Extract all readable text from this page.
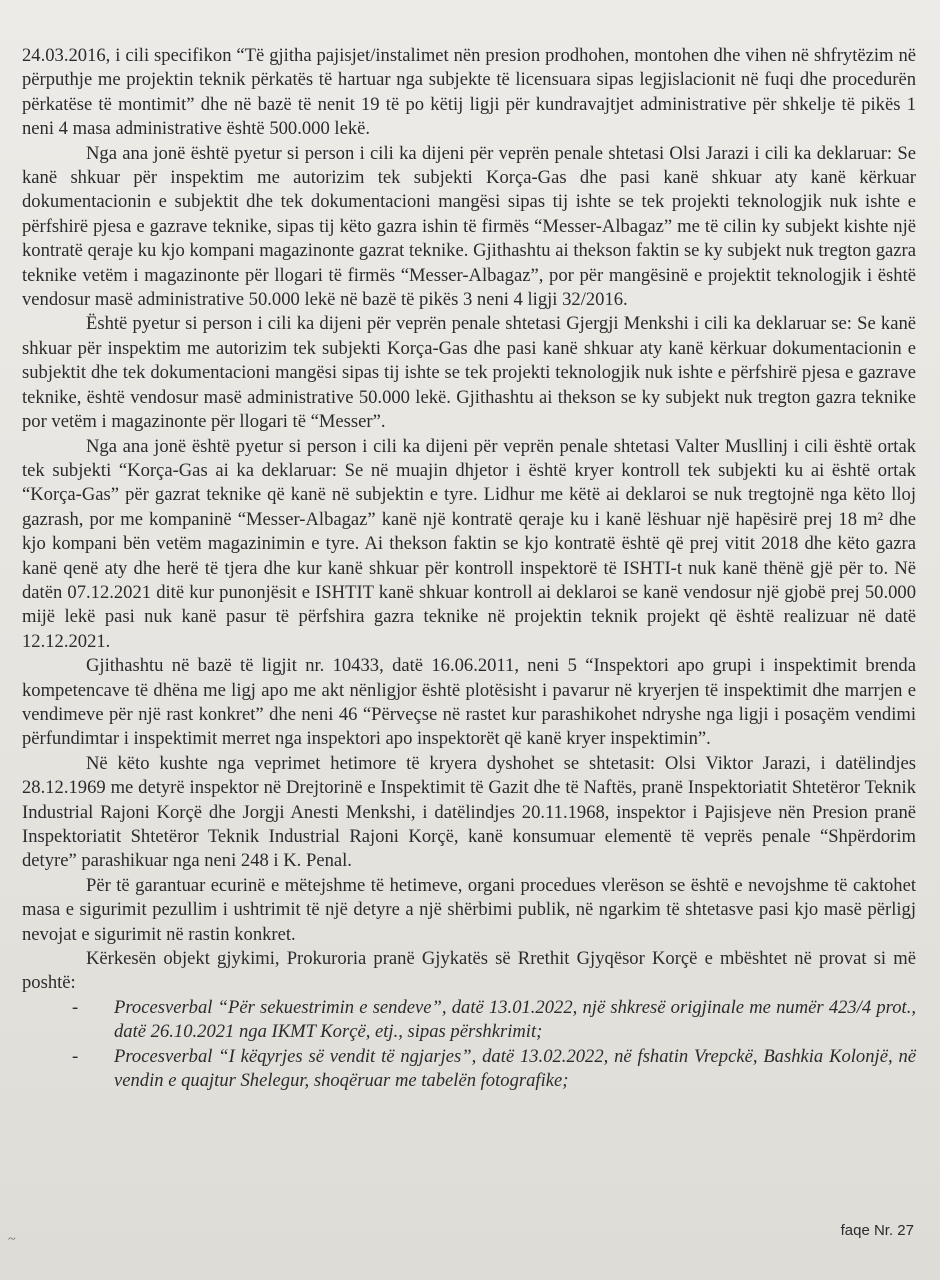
24.03.2016, i cili specifikon “Të gjitha pajisjet/instalimet nën presion prodhohen, montohen dhe vihen në shfrytëzim në përputhje me projektin teknik përkatës të hartuar nga subjekte të licensuara sipas legjislacionit në fuqi dhe procedurën përkatëse të montimit” dhe në bazë të nenit 19 të po këtij ligji për kundravajtjet administrative për shkelje të pikës 1 neni 4 masa administrative është 500.000 lekë.

Nga ana jonë është pyetur si person i cili ka dijeni për veprën penale shtetasi Olsi Jarazi i cili ka deklaruar: Se kanë shkuar për inspektim me autorizim tek subjekti Korça-Gas dhe pasi kanë shkuar aty kanë kërkuar dokumentacionin e subjektit dhe tek dokumentacioni mangësi sipas tij ishte se tek projekti teknologjik nuk ishte e përfshirë pjesa e gazrave teknike, sipas tij këto gazra ishin të firmës “Messer-Albagaz” me të cilin ky subjekt kishte një kontratë qeraje ku kjo kompani magazinonte gazrat teknike. Gjithashtu ai thekson faktin se ky subjekt nuk tregton gazra teknike vetëm i magazinonte për llogari të firmës “Messer-Albagaz”, por për mangësinë e projektit teknologjik i është vendosur masë administrative 50.000 lekë në bazë të pikës 3 neni 4 ligji 32/2016.

Është pyetur si person i cili ka dijeni për veprën penale shtetasi Gjergji Menkshi i cili ka deklaruar se: Se kanë shkuar për inspektim me autorizim tek subjekti Korça-Gas dhe pasi kanë shkuar aty kanë kërkuar dokumentacionin e subjektit dhe tek dokumentacioni mangësi sipas tij ishte se tek projekti teknologjik nuk ishte e përfshirë pjesa e gazrave teknike, është vendosur masë administrative 50.000 lekë. Gjithashtu ai thekson se ky subjekt nuk tregton gazra teknike por vetëm i magazinonte për llogari të “Messer”.

Nga ana jonë është pyetur si person i cili ka dijeni për veprën penale shtetasi Valter Musllinj i cili është ortak tek subjekti “Korça-Gas ai ka deklaruar: Se në muajin dhjetor i është kryer kontroll tek subjekti ku ai është ortak “Korça-Gas” për gazrat teknike që kanë në subjektin e tyre. Lidhur me këtë ai deklaroi se nuk tregtojnë nga këto lloj gazrash, por me kompaninë “Messer-Albagaz” kanë një kontratë qeraje ku i kanë lëshuar një hapësirë prej 18 m² dhe kjo kompani bën vetëm magazinimin e tyre. Ai thekson faktin se kjo kontratë është që prej vitit 2018 dhe këto gazra kanë qenë aty dhe herë të tjera dhe kur kanë shkuar për kontroll inspektorë të ISHTI-t nuk kanë thënë gjë për to. Në datën 07.12.2021 ditë kur punonjësit e ISHTIT kanë shkuar kontroll ai deklaroi se kanë vendosur një gjobë prej 50.000 mijë lekë pasi nuk kanë pasur të përfshira gazra teknike në projektin teknik projekt që është realizuar në datë 12.12.2021.

Gjithashtu në bazë të ligjit nr. 10433, datë 16.06.2011, neni 5 “Inspektori apo grupi i inspektimit brenda kompetencave të dhëna me ligj apo me akt nënligjor është plotësisht i pavarur në kryerjen të inspektimit dhe marrjen e vendimeve për një rast konkret” dhe neni 46 “Përveçse në rastet kur parashikohet ndryshe nga ligji i posaçëm vendimi përfundimtar i inspektimit merret nga inspektori apo inspektorët që kanë kryer inspektimin”.

Në këto kushte nga veprimet hetimore të kryera dyshohet se shtetasit: Olsi Viktor Jarazi, i datëlindjes 28.12.1969 me detyrë inspektor në Drejtorinë e Inspektimit të Gazit dhe të Naftës, pranë Inspektoriatit Shtetëror Teknik Industrial Rajoni Korçë dhe Jorgji Anesti Menkshi, i datëlindjes 20.11.1968, inspektor i Pajisjeve nën Presion pranë Inspektoriatit Shtetëror Teknik Industrial Rajoni Korçë, kanë konsumuar elementë të veprës penale “Shpërdorim detyre” parashikuar nga neni 248 i K. Penal.

Për të garantuar ecurinë e mëtejshme të hetimeve, organi procedues vlerëson se është e nevojshme të caktohet masa e sigurimit pezullim i ushtrimit të një detyre a një shërbimi publik, në ngarkim të shtetasve pasi kjo masë përligj nevojat e sigurimit në rastin konkret.

Kërkesën objekt gjykimi, Prokuroria pranë Gjykatës së Rrethit Gjyqësor Korçë e mbështet në provat si më poshtë:

- Procesverbal “Për sekuestrimin e sendeve”, datë 13.01.2022, një shkresë origjinale me numër 423/4 prot., datë 26.10.2021 nga IKMT Korçë, etj., sipas përshkrimit;
- Procesverbal “I këqyrjes së vendit të ngjarjes”, datë 13.02.2022, në fshatin Vrepckë, Bashkia Kolonjë, në vendin e quajtur Shelegur, shoqëruar me tabelën fotografike;
~
faqe Nr. 27
